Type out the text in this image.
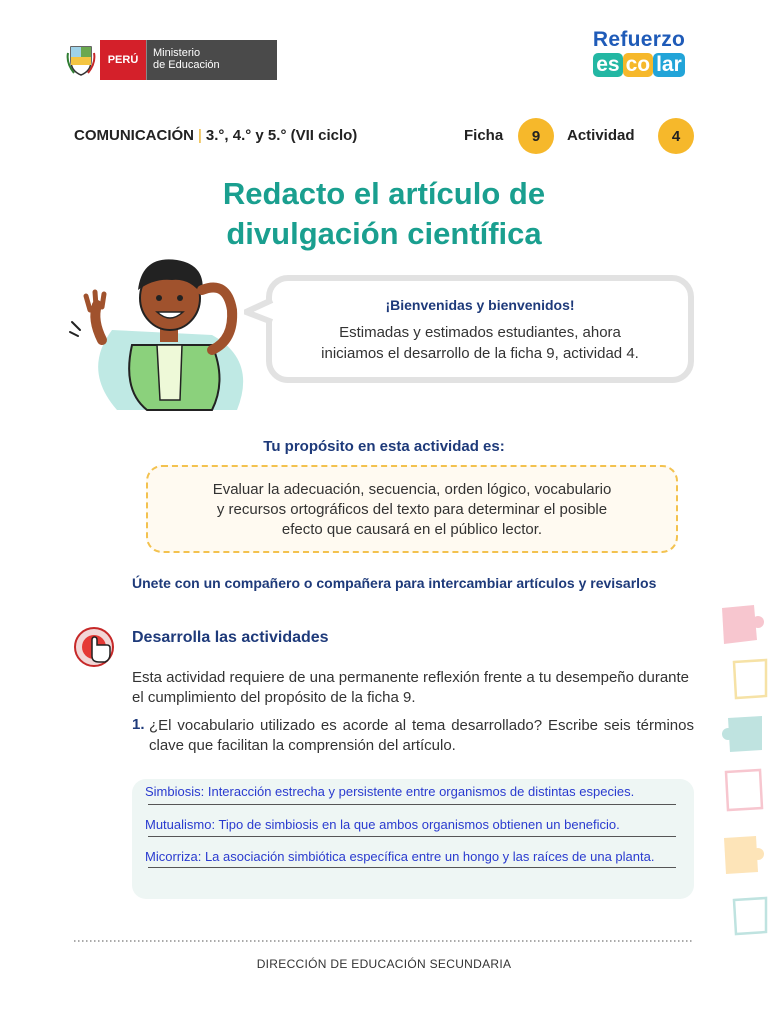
PERÚ
Ministerio
de Educación
Refuerzo
es co lar
COMUNICACIÓN | 3.°, 4.° y 5.° (VII ciclo)	Ficha	9	Actividad	4
Redacto el artículo de
divulgación científica
¡Bienvenidas y bienvenidos!
Estimadas y estimados estudiantes, ahora
iniciamos el desarrollo de la ficha 9, actividad 4.
Tu propósito en esta actividad es:
Evaluar la adecuación, secuencia, orden lógico, vocabulario
y recursos ortográficos del texto para determinar el posible
efecto que causará en el público lector.
Únete con un compañero o compañera para intercambiar artículos y revisarlos
Desarrolla las actividades
Esta actividad requiere de una permanente reflexión frente a tu desempeño durante el cumplimiento del propósito de la ficha 9.
1. ¿El vocabulario utilizado es acorde al tema desarrollado? Escribe seis términos clave que facilitan la comprensión del artículo.
Simbiosis: Interacción estrecha y persistente entre organismos de distintas especies.
Mutualismo: Tipo de simbiosis en la que ambos organismos obtienen un beneficio.
Micorriza: La asociación simbiótica específica entre un hongo y las raíces de una planta.
DIRECCIÓN DE EDUCACIÓN SECUNDARIA
